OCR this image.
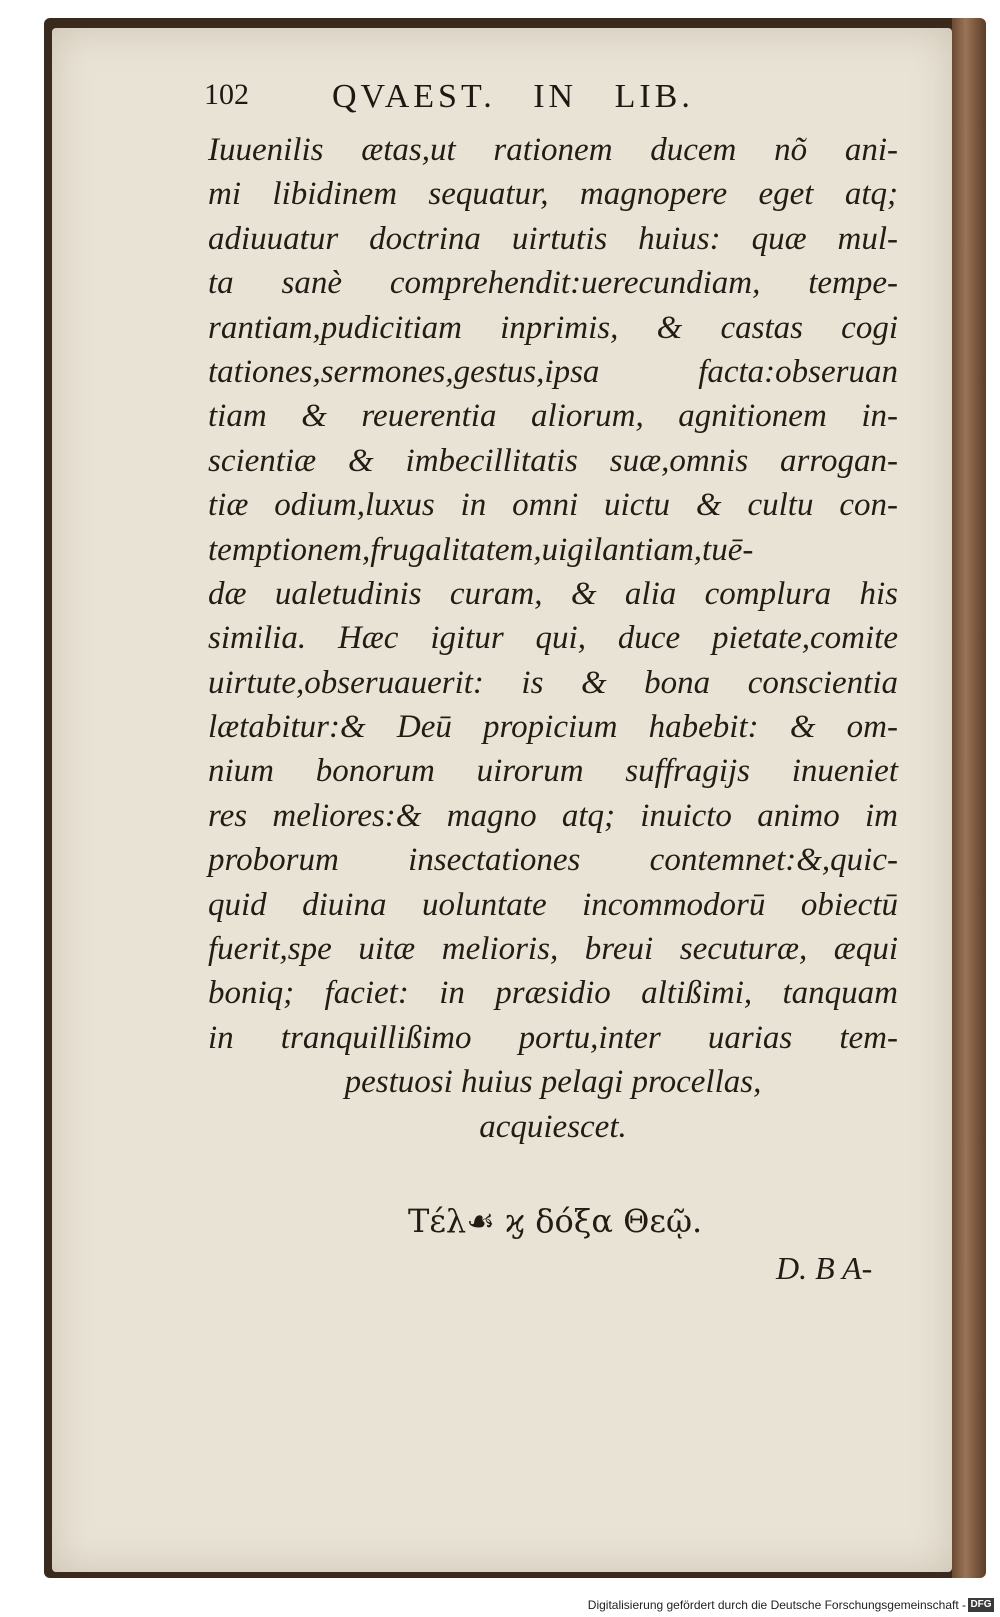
102 QVAEST.   IN   LIB.
Iuuenilis ætas,ut rationem ducem nõ ani-
mi libidinem sequatur, magnopere eget atq;
adiuuatur doctrina uirtutis huius: quæ mul-
ta sanè comprehendit:uerecundiam, tempe-
rantiam,pudicitiam inprimis, & castas cogi
tationes,sermones,gestus,ipsa facta:obseruan
tiam & reuerentia aliorum, agnitionem in-
scientiæ & imbecillitatis suæ,omnis arrogan-
tiæ odium,luxus in omni uictu & cultu con-
temptionem,frugalitatem,uigilantiam,tuē-
dæ ualetudinis curam, & alia complura his
similia. Hæc igitur qui, duce pietate,comite
uirtute,obseruauerit: is & bona conscientia
lætabitur:& Deū propicium habebit: & om-
nium bonorum uirorum suffragijs inueniet
res meliores:& magno atq; inuicto animo im
proborum insectationes contemnet:&,quic-
quid diuina uoluntate incommodorū obiectū
fuerit,spe uitæ melioris, breui secuturæ, æqui
boniq; faciet: in præsidio altißimi, tanquam
in tranquillißimo portu,inter uarias tem-
pestuosi huius pelagi procellas,
acquiescet.
Τέλ☙ ϗ δόξα Θεῷ.
D. B A-
Digitalisierung gefördert durch die Deutsche Forschungsgemeinschaft - DFG
